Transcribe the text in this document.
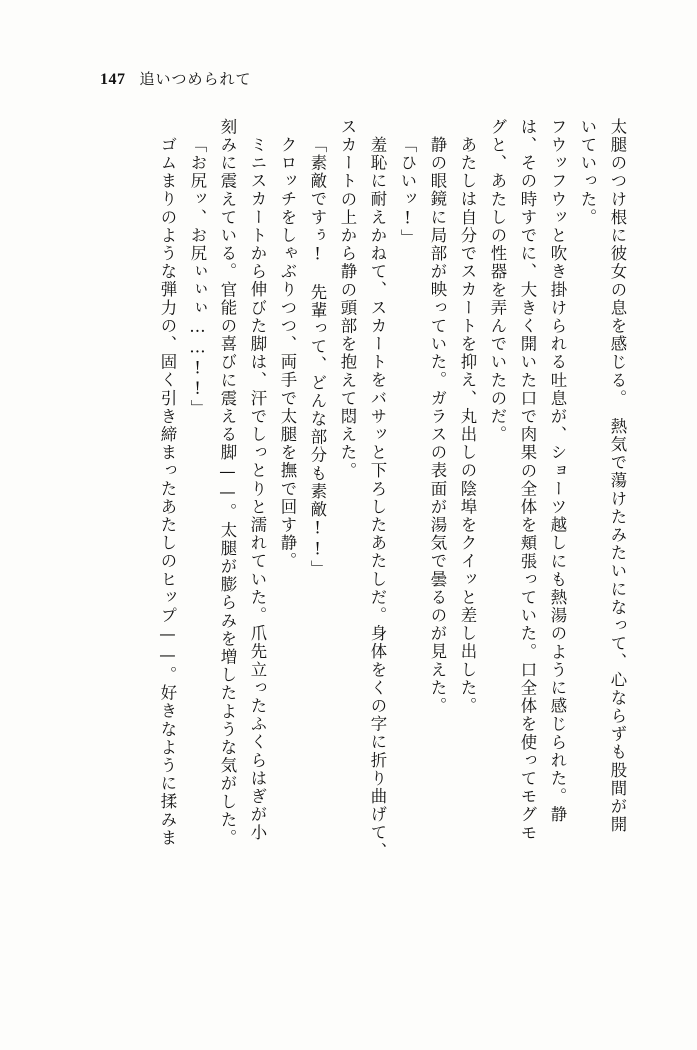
147 追いつめられて
太腿のつけ根に彼女の息を感じる。　熱気で蕩けたみたいになって、心ならずも股間が開
いていった。
フウッフウッと吹き掛けられる吐息が、ショーツ越しにも熱湯のように感じられた。静
は、その時すでに、大きく開いた口で肉果の全体を頬張っていた。口全体を使ってモグモ
グと、あたしの性器を弄んでいたのだ。
あたしは自分でスカートを抑え、丸出しの陰埠をクイッと差し出した。
静の眼鏡に局部が映っていた。ガラスの表面が湯気で曇るのが見えた。
「ひいッ!」
羞恥に耐えかねて、スカートをバサッと下ろしたあたしだ。身体をくの字に折り曲げて、
スカートの上から静の頭部を抱えて悶えた。
「素敵ですぅ!　先輩って、どんな部分も素敵!!」
クロッチをしゃぶりつつ、両手で太腿を撫で回す静。
ミニスカートから伸びた脚は、汗でしっとりと濡れていた。爪先立ったふくらはぎが小
刻みに震えている。官能の喜びに震える脚——。太腿が膨らみを増したような気がした。
「お尻ッ、お尻ぃぃぃ……!!」
ゴムまりのような弾力の、固く引き締まったあたしのヒップ——。好きなように揉みま
